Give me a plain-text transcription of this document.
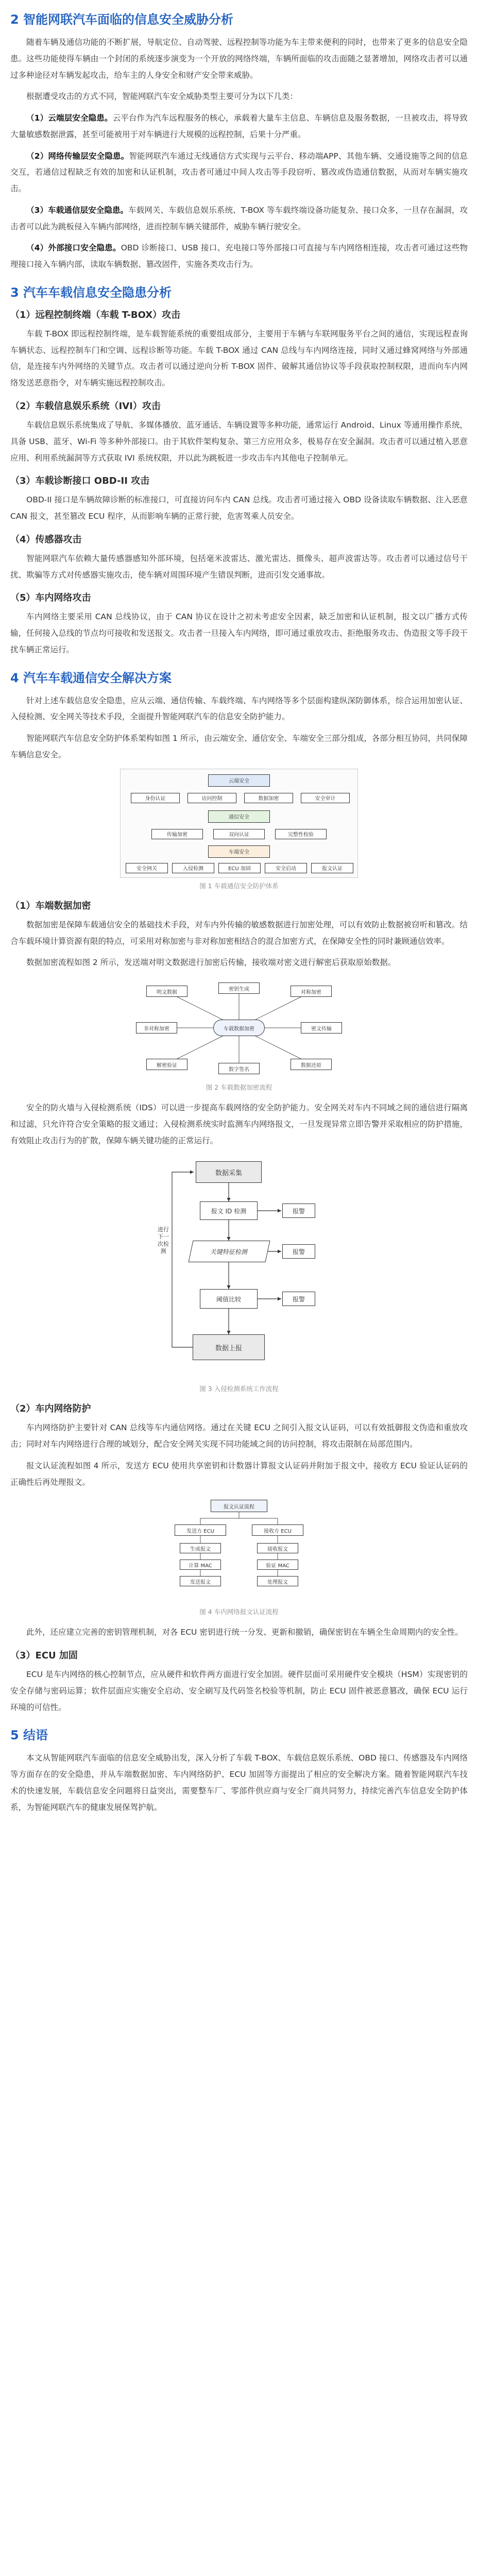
2 智能网联汽车面临的信息安全威胁分析

随着车辆及通信功能的不断扩展，导航定位、自动驾驶、远程控制等功能为车主带来便利的同时，也带来了更多的信息安全隐患。这些功能使得车辆由一个封闭的系统逐步演变为一个开放的网络终端，车辆所面临的攻击面随之显著增加，网络攻击者可以通过多种途径对车辆发起攻击，给车主的人身安全和财产安全带来威胁。

根据遭受攻击的方式不同，智能网联汽车安全威胁类型主要可分为以下几类：

（1）云端层安全隐患。云平台作为汽车远程服务的核心，承载着大量车主信息、车辆信息及服务数据，一旦被攻击，将导致大量敏感数据泄露，甚至可能被用于对车辆进行大规模的远程控制，后果十分严重。

（2）网络传输层安全隐患。智能网联汽车通过无线通信方式实现与云平台、移动端APP、其他车辆、交通设施等之间的信息交互，若通信过程缺乏有效的加密和认证机制，攻击者可通过中间人攻击等手段窃听、篡改或伪造通信数据，从而对车辆实施攻击。

（3）车载通信层安全隐患。车载网关、车载信息娱乐系统、T-BOX 等车载终端设备功能复杂、接口众多，一旦存在漏洞，攻击者可以此为跳板侵入车辆内部网络，进而控制车辆关键部件，威胁车辆行驶安全。

（4）外部接口安全隐患。OBD 诊断接口、USB 接口、充电接口等外部接口可直接与车内网络相连接，攻击者可通过这些物理接口接入车辆内部，读取车辆数据、篡改固件，实施各类攻击行为。

3 汽车车载信息安全隐患分析
（1）远程控制终端（车载 T-BOX）攻击

车载 T-BOX 即远程控制终端，是车载智能系统的重要组成部分，主要用于车辆与车联网服务平台之间的通信，实现远程查询车辆状态、远程控制车门和空调、远程诊断等功能。车载 T-BOX 通过 CAN 总线与车内网络连接，同时又通过蜂窝网络与外部通信，是连接车内外网络的关键节点。攻击者可以通过逆向分析 T-BOX 固件、破解其通信协议等手段获取控制权限，进而向车内网络发送恶意指令，对车辆实施远程控制攻击。

（2）车载信息娱乐系统（IVI）攻击

车载信息娱乐系统集成了导航、多媒体播放、蓝牙通话、车辆设置等多种功能，通常运行 Android、Linux 等通用操作系统，具备 USB、蓝牙、Wi-Fi 等多种外部接口。由于其软件架构复杂、第三方应用众多，极易存在安全漏洞。攻击者可以通过植入恶意应用、利用系统漏洞等方式获取 IVI 系统权限，并以此为跳板进一步攻击车内其他电子控制单元。

（3）车载诊断接口 OBD-II 攻击

OBD-II 接口是车辆故障诊断的标准接口，可直接访问车内 CAN 总线。攻击者可通过接入 OBD 设备读取车辆数据、注入恶意 CAN 报文，甚至篡改 ECU 程序，从而影响车辆的正常行驶，危害驾乘人员安全。

（4）传感器攻击

智能网联汽车依赖大量传感器感知外部环境，包括毫米波雷达、激光雷达、摄像头、超声波雷达等。攻击者可以通过信号干扰、欺骗等方式对传感器实施攻击，使车辆对周围环境产生错误判断，进而引发交通事故。

（5）车内网络攻击

车内网络主要采用 CAN 总线协议，由于 CAN 协议在设计之初未考虑安全因素，缺乏加密和认证机制，报文以广播方式传输，任何接入总线的节点均可接收和发送报文。攻击者一旦接入车内网络，即可通过重放攻击、拒绝服务攻击、伪造报文等手段干扰车辆正常运行。

4 汽车车载通信安全解决方案

针对上述车载信息安全隐患，应从云端、通信传输、车载终端、车内网络等多个层面构建纵深防御体系，综合运用加密认证、入侵检测、安全网关等技术手段，全面提升智能网联汽车的信息安全防护能力。

智能网联汽车信息安全防护体系架构如图 1 所示，由云端安全、通信安全、车端安全三部分组成，各部分相互协同，共同保障车辆信息安全。

云端安全
身份认证	访问控制	数据加密	安全审计
通信安全
传输加密	双向认证	完整性校验
车端安全
安全网关	入侵检测	ECU 加固	安全启动	报文认证
图 1 车载通信安全防护体系
（1）车端数据加密

数据加密是保障车载通信安全的基础技术手段，对车内外传输的敏感数据进行加密处理，可以有效防止数据被窃听和篡改。结合车载环境计算资源有限的特点，可采用对称加密与非对称加密相结合的混合加密方式，在保障安全性的同时兼顾通信效率。

数据加密流程如图 2 所示，发送端对明文数据进行加密后传输，接收端对密文进行解密后获取原始数据。

车载数据加密
明文数据
密钥生成
对称加密
非对称加密	密文传输
解密验证
数字签名
数据还原
图 2 车载数据加密流程

安全的防火墙与入侵检测系统（IDS）可以进一步提高车载网络的安全防护能力。安全网关对车内不同域之间的通信进行隔离和过滤，只允许符合安全策略的报文通过；入侵检测系统实时监测车内网络报文，一旦发现异常立即告警并采取相应的防护措施，有效阻止攻击行为的扩散，保障车辆关键功能的正常运行。

数据采集
报文 ID 检测
关键特征检测
阈值比较
数据上报
报警
报警
报警
进行下一次检测
图 3 入侵检测系统工作流程
（2）车内网络防护

车内网络防护主要针对 CAN 总线等车内通信网络。通过在关键 ECU 之间引入报文认证码，可以有效抵御报文伪造和重放攻击；同时对车内网络进行合理的域划分，配合安全网关实现不同功能域之间的访问控制，将攻击限制在局部范围内。

报文认证流程如图 4 所示，发送方 ECU 使用共享密钥和计数器计算报文认证码并附加于报文中，接收方 ECU 验证认证码的正确性后再处理报文。

报文认证流程
发送方 ECU	接收方 ECU
生成报文
计算 MAC
发送报文
接收报文
验证 MAC
处理报文
图 4 车内网络报文认证流程

此外，还应建立完善的密钥管理机制，对各 ECU 密钥进行统一分发、更新和撤销，确保密钥在车辆全生命周期内的安全性。

（3）ECU 加固

ECU 是车内网络的核心控制节点，应从硬件和软件两方面进行安全加固。硬件层面可采用硬件安全模块（HSM）实现密钥的安全存储与密码运算；软件层面应实施安全启动、安全刷写及代码签名校验等机制，防止 ECU 固件被恶意篡改，确保 ECU 运行环境的可信性。

5 结语

本文从智能网联汽车面临的信息安全威胁出发，深入分析了车载 T-BOX、车载信息娱乐系统、OBD 接口、传感器及车内网络等方面存在的安全隐患，并从车端数据加密、车内网络防护、ECU 加固等方面提出了相应的安全解决方案。随着智能网联汽车技术的快速发展，车载信息安全问题将日益突出，需要整车厂、零部件供应商与安全厂商共同努力，持续完善汽车信息安全防护体系，为智能网联汽车的健康发展保驾护航。
